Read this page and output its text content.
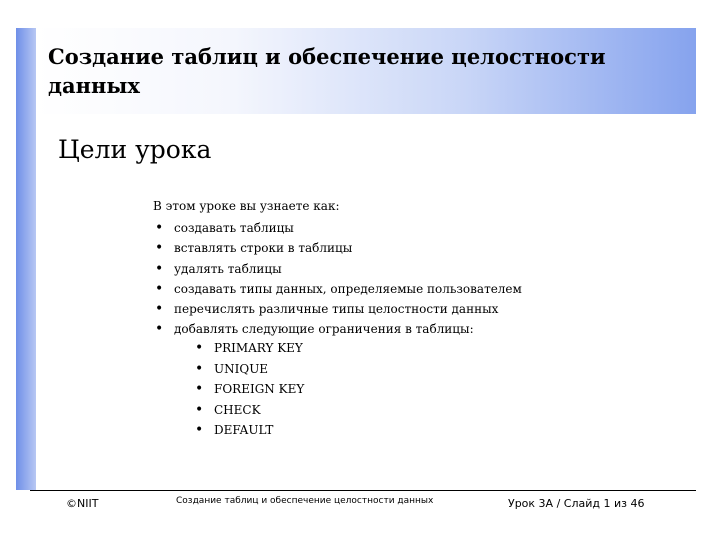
Создание таблиц и обеспечение целостности данных
Цели урока
В этом уроке вы узнаете как:
• создавать таблицы
• вставлять строки в таблицы
• удалять таблицы
• создавать типы данных, определяемые пользователем
• перечислять различные типы целостности данных
• добавлять следующие ограничения в таблицы:
• PRIMARY KEY
• UNIQUE
• FOREIGN KEY
• CHECK
• DEFAULT
©NIIT	Создание таблиц и обеспечение целостности данных	Урок 3A / Слайд 1 из 46
